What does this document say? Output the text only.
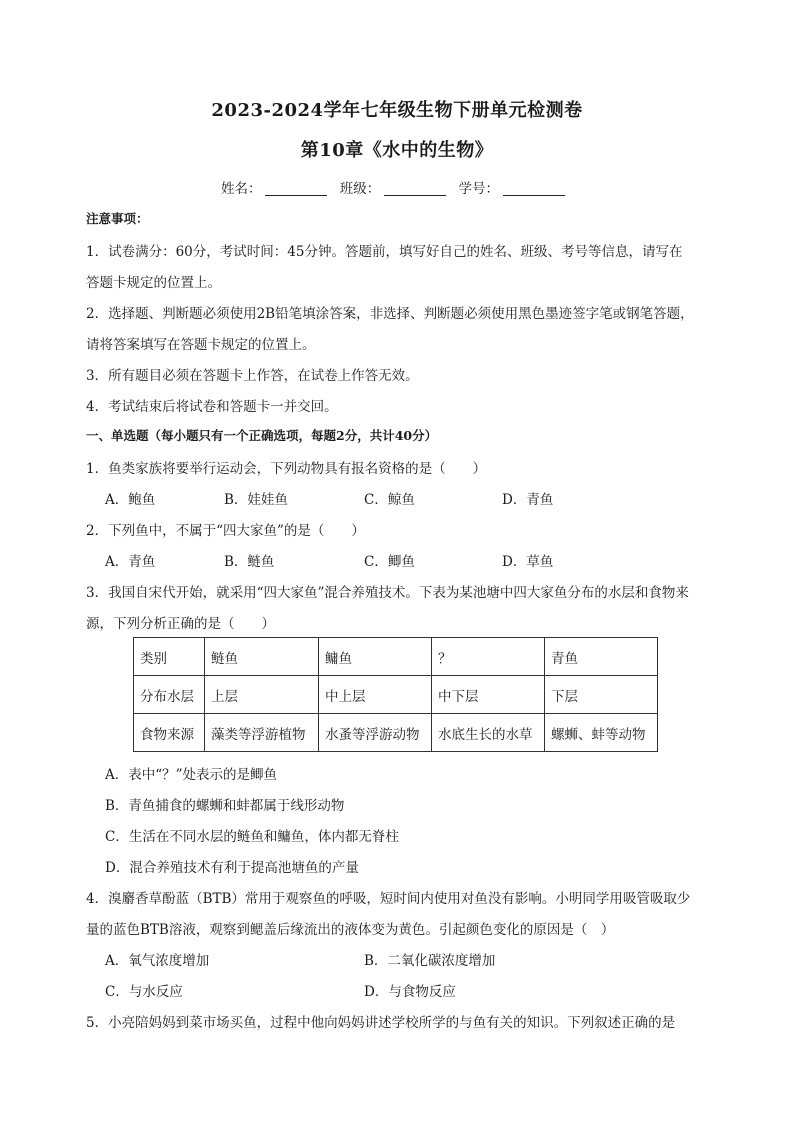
2023-2024学年七年级生物下册单元检测卷
第10章《水中的生物》
姓名：	班级：	学号：
注意事项：
1．试卷满分：60分，考试时间：45分钟。答题前，填写好自己的姓名、班级、考号等信息，请写在
答题卡规定的位置上。
2．选择题、判断题必须使用2B铅笔填涂答案，非选择、判断题必须使用黑色墨迹签字笔或钢笔答题，
请将答案填写在答题卡规定的位置上。
3．所有题目必须在答题卡上作答，在试卷上作答无效。
4．考试结束后将试卷和答题卡一并交回。
一、单选题（每小题只有一个正确选项，每题2分，共计40分）
1．鱼类家族将要举行运动会，下列动物具有报名资格的是（　　）
A．鲍鱼	B．娃娃鱼	C．鲸鱼	D．青鱼
2．下列鱼中，不属于“四大家鱼”的是（　　）
A．青鱼	B．鲢鱼	C．鲫鱼	D．草鱼
3．我国自宋代开始，就采用“四大家鱼”混合养殖技术。下表为某池塘中四大家鱼分布的水层和食物来
源，下列分析正确的是（　　）
类别	鲢鱼	鳙鱼	？	青鱼
分布水层	上层	中上层	中下层	下层
食物来源	藻类等浮游植物	水蚤等浮游动物	水底生长的水草	螺蛳、蚌等动物
A．表中“？”处表示的是鲫鱼
B．青鱼捕食的螺蛳和蚌都属于线形动物
C．生活在不同水层的鲢鱼和鳙鱼，体内都无脊柱
D．混合养殖技术有利于提高池塘鱼的产量
4．溴麝香草酚蓝（BTB）常用于观察鱼的呼吸，短时间内使用对鱼没有影响。小明同学用吸管吸取少
量的蓝色BTB溶液，观察到鳃盖后缘流出的液体变为黄色。引起颜色变化的原因是（　）
A．氧气浓度增加	B．二氧化碳浓度增加
C．与水反应	D．与食物反应
5．小亮陪妈妈到菜市场买鱼，过程中他向妈妈讲述学校所学的与鱼有关的知识。下列叙述正确的是
